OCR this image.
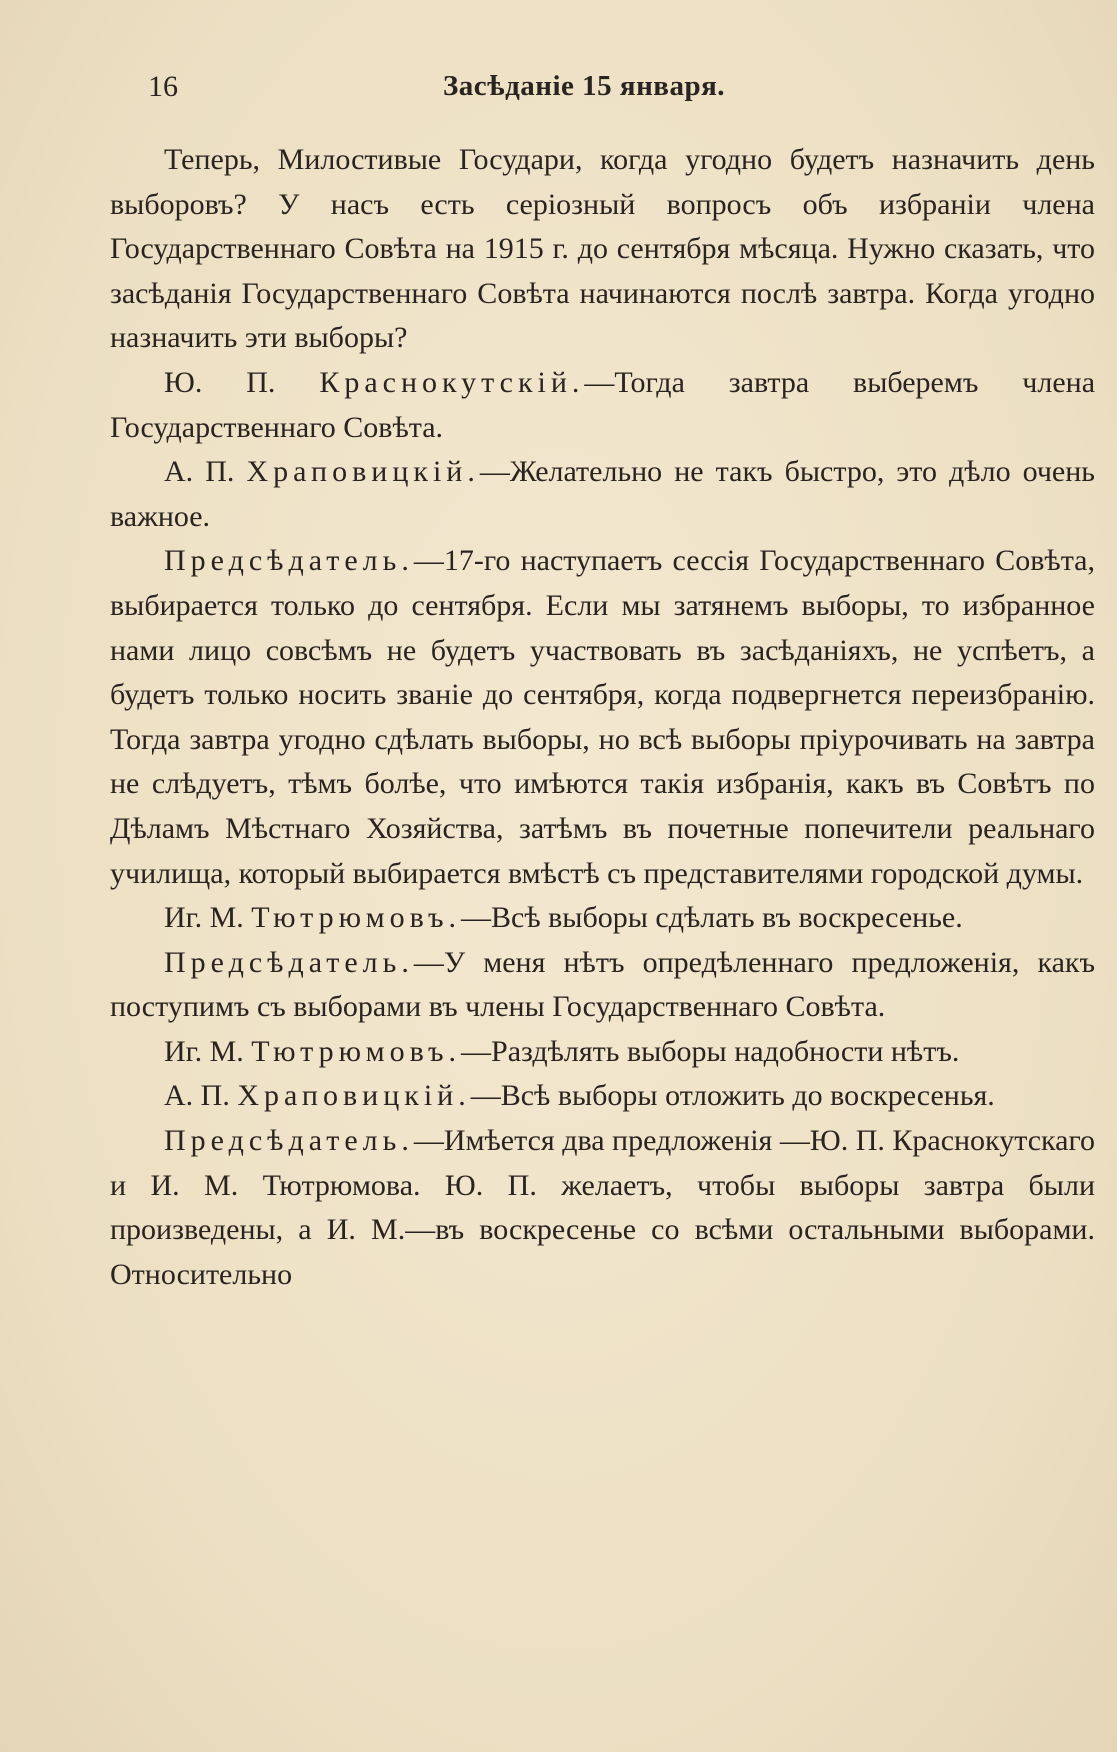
16	Засѣданіе 15 января.

Теперь, Милостивые Государи, когда угодно будетъ назначить день выборовъ? У насъ есть серіозный вопросъ объ избраніи члена Государственнаго Совѣта на 1915 г. до сентября мѣсяца. Нужно сказать, что засѣданія Государственнаго Совѣта начинаются послѣ завтра. Когда угодно назначить эти выборы?

Ю. П. Краснокутскій.—Тогда завтра выберемъ члена Государственнаго Совѣта.

А. П. Храповицкій.—Желательно не такъ быстро, это дѣло очень важное.

Предсѣдатель.—17-го наступаетъ сессія Государственнаго Совѣта, выбирается только до сентября. Если мы затянемъ выборы, то избранное нами лицо совсѣмъ не будетъ участвовать въ засѣданіяхъ, не успѣетъ, а будетъ только носить званіе до сентября, когда подвергнется переизбранію. Тогда завтра угодно сдѣлать выборы, но всѣ выборы пріурочивать на завтра не слѣдуетъ, тѣмъ болѣе, что имѣются такія избранія, какъ въ Совѣтъ по Дѣламъ Мѣстнаго Хозяйства, затѣмъ въ почетные попечители реальнаго училища, который выбирается вмѣстѣ съ представителями городской думы.

Иг. М. Тютрюмовъ.—Всѣ выборы сдѣлать въ воскресенье.

Предсѣдатель.—У меня нѣтъ опредѣленнаго предложенія, какъ поступимъ съ выборами въ члены Государственнаго Совѣта.

Иг. М. Тютрюмовъ.—Раздѣлять выборы надобности нѣтъ.

А. П. Храповицкій.—Всѣ выборы отложить до воскресенья.

Предсѣдатель.—Имѣется два предложенія —Ю. П. Краснокутскаго и И. М. Тютрюмова. Ю. П. желаетъ, чтобы выборы завтра были произведены, а И. М.—въ воскресенье со всѣми остальными выборами. Относительно
